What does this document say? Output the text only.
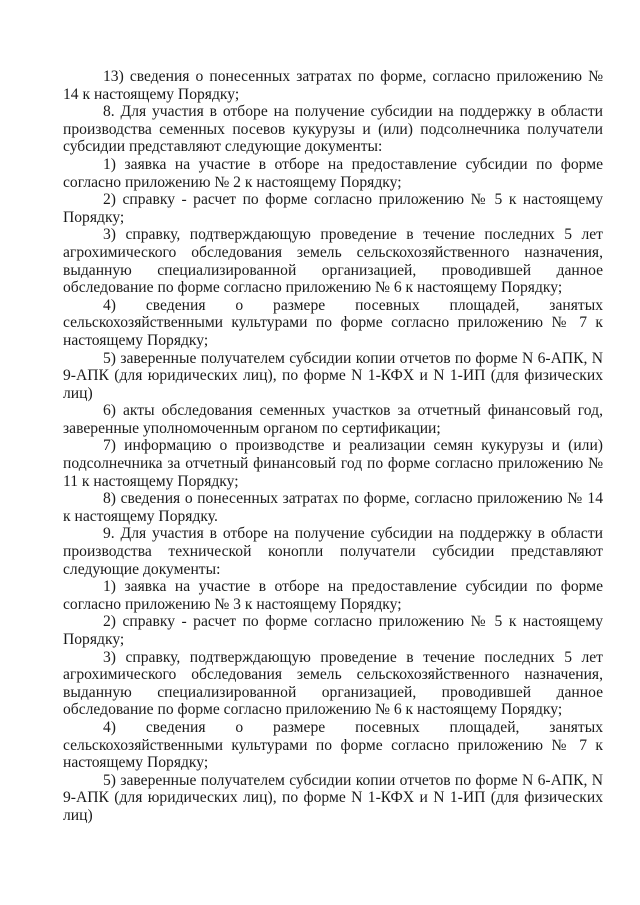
13) сведения о понесенных затратах по форме, согласно приложению № 14 к настоящему Порядку;

8. Для участия в отборе на получение субсидии на поддержку в области производства семенных посевов кукурузы и (или) подсолнечника получатели субсидии представляют следующие документы:

1) заявка на участие в отборе на предоставление субсидии по форме согласно приложению № 2 к настоящему Порядку;

2) справку - расчет по форме согласно приложению № 5 к настоящему Порядку;

3) справку, подтверждающую проведение в течение последних 5 лет агрохимического обследования земель сельскохозяйственного назначения, выданную специализированной организацией, проводившей данное обследование по форме согласно приложению № 6 к настоящему Порядку;

4) сведения о размере посевных площадей, занятых сельскохозяйственными культурами по форме согласно приложению № 7 к настоящему Порядку;

5) заверенные получателем субсидии копии отчетов по форме N 6-АПК, N 9-АПК (для юридических лиц), по форме N 1-КФХ и N 1-ИП (для физических лиц)

6) акты обследования семенных участков за отчетный финансовый год, заверенные уполномоченным органом по сертификации;

7) информацию о производстве и реализации семян кукурузы и (или) подсолнечника за отчетный финансовый год по форме согласно приложению № 11 к настоящему Порядку;

8) сведения о понесенных затратах по форме, согласно приложению № 14 к настоящему Порядку.

9. Для участия в отборе на получение субсидии на поддержку в области производства технической конопли получатели субсидии представляют следующие документы:

1) заявка на участие в отборе на предоставление субсидии по форме согласно приложению № 3 к настоящему Порядку;

2) справку - расчет по форме согласно приложению № 5 к настоящему Порядку;

3) справку, подтверждающую проведение в течение последних 5 лет агрохимического обследования земель сельскохозяйственного назначения, выданную специализированной организацией, проводившей данное обследование по форме согласно приложению № 6 к настоящему Порядку;

4) сведения о размере посевных площадей, занятых сельскохозяйственными культурами по форме согласно приложению № 7 к настоящему Порядку;

5) заверенные получателем субсидии копии отчетов по форме N 6-АПК, N 9-АПК (для юридических лиц), по форме N 1-КФХ и N 1-ИП (для физических лиц)
